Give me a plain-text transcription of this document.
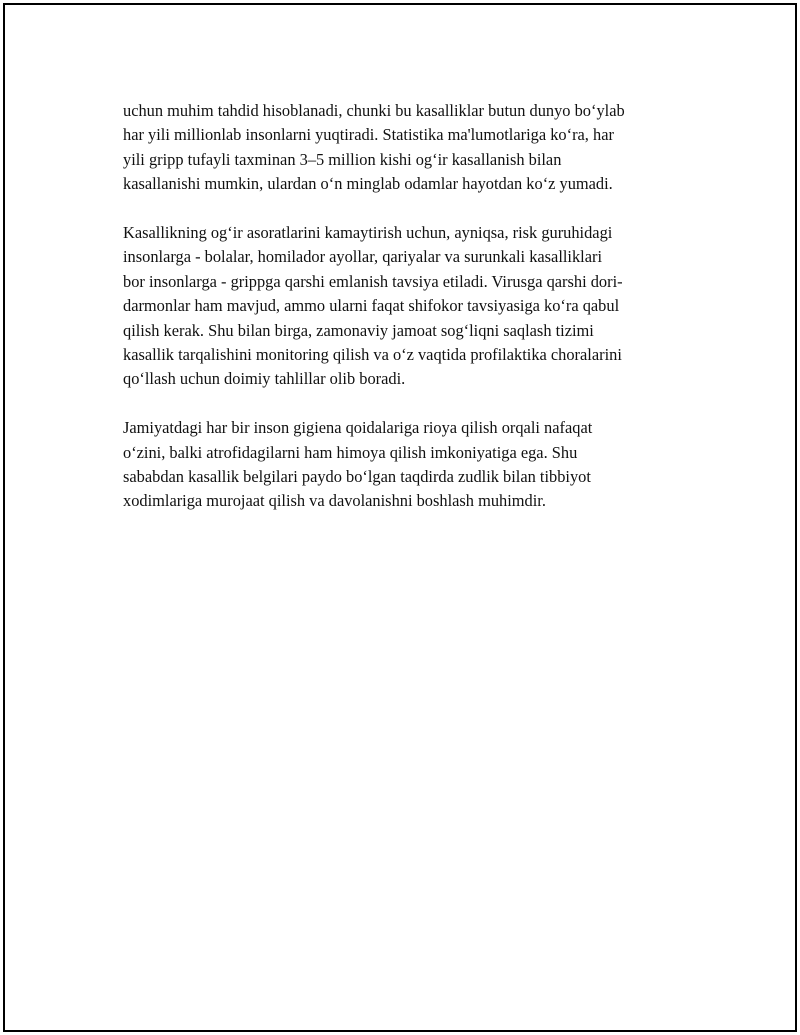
uchun muhim tahdid hisoblanadi, chunki bu kasalliklar butun dunyo bo‘ylab
har yili millionlab insonlarni yuqtiradi. Statistika ma'lumotlariga ko‘ra, har
yili gripp tufayli taxminan 3–5 million kishi og‘ir kasallanish bilan
kasallanishi mumkin, ulardan o‘n minglab odamlar hayotdan ko‘z yumadi.

Kasallikning og‘ir asoratlarini kamaytirish uchun, ayniqsa, risk guruhidagi
insonlarga - bolalar, homilador ayollar, qariyalar va surunkali kasalliklari
bor insonlarga - grippga qarshi emlanish tavsiya etiladi. Virusga qarshi dori-
darmonlar ham mavjud, ammo ularni faqat shifokor tavsiyasiga ko‘ra qabul
qilish kerak. Shu bilan birga, zamonaviy jamoat sog‘liqni saqlash tizimi
kasallik tarqalishini monitoring qilish va o‘z vaqtida profilaktika choralarini
qo‘llash uchun doimiy tahlillar olib boradi.

Jamiyatdagi har bir inson gigiena qoidalariga rioya qilish orqali nafaqat
o‘zini, balki atrofidagilarni ham himoya qilish imkoniyatiga ega. Shu
sababdan kasallik belgilari paydo bo‘lgan taqdirda zudlik bilan tibbiyot
xodimlariga murojaat qilish va davolanishni boshlash muhimdir.
